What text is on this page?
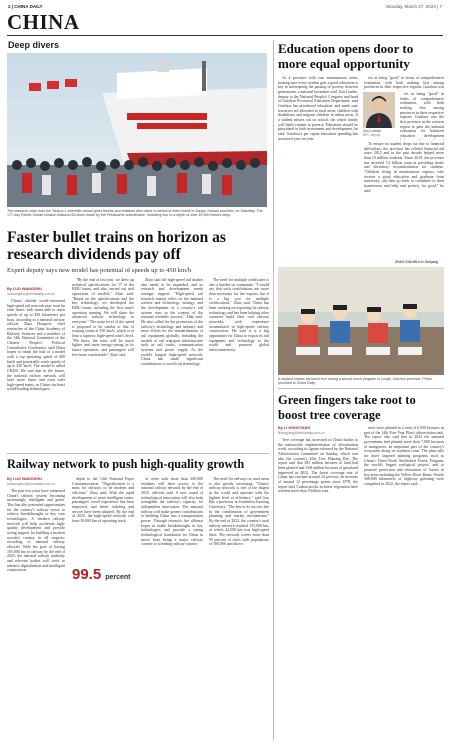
2 | CHINA DAILY	Monday, March 27, 2023 | 7
CHINA
Deep divers
The research crew from the Tansuo-1 scientific vessel greet friends and relatives who came to welcome them home in Sanya, Hainan province, on Saturday. The 177-day Pacific Ocean mission featured 63 dives made by the Fendouzhe submersible, including four to a depth of over 10,000 meters deep.
Faster bullet trains on horizon as research dividends pay off
Expert deputy says new model has potential of speeds up to 450 km/h
By LUO WANGSHU
luowangshu@chinadaily.com.cn

China's already world-renowned high-speed rail network may soon be even faster, with trains able to reach speeds of up to 450 kilometers per hour, according to a national railway official. Zhao Hongwei, chief researcher of the China Academy of Railway Sciences and a member of the 14th National Committee of the Chinese People's Political Consultative Conference, said China hopes to finish the trial of a model with a top operating speed of 400 km/h and potentially reach speeds of up to 450 km/h. The model is called CR450. He said that in the future, the national railway network will have more faster and even safer high-speed trains, as China can boast world-leading technologies.

"By the end of last year, we drew up technical specifications for 17 of the EMU trains, and also carried out trial operations of models," Zhao said. "Based on the specifications and the key technology, we developed the EMU trains, including the first train's operation running. We will share the advanced railway technology to everyone." The noise level of the speed is proposed to be similar to that of existing trains at 350 km/h, which is at least a superior high-speed train's level. "We know the train will be much lighter and more energy-saving in its future operation, and passengers will feel more comfortable," Zhao said.

Zhao said the high-speed rail market also needs to be expanded, and its research and development needs stronger support. "High-speed rail research mainly relies on the national science and technology strategy, and the development of a country's rail system rises in the context of the national scientific process." Zhao said. He also called for the promotion of the railway's technology and industry and more efforts for the standardization of rail equipment globally, including the models of rail transport infrastructure such as rail tracks, communication systems and power supply. As the world's longest high-speed network, China has made significant contributions to world rail technology.

The need for multiple certificates is also a burden on companies. "I would say that such certifications are more than necessary for the exports, but it is a big cost for multiple certifications," Zhao said. China has been working on exporting its railway technology and has been helping other countries build their own railway networks, with experience accumulated in high-speed railway construction. He said it is a big opportunity for China to export its rail equipment and technology to the world and promote global interconnectivity.

Railway network to push high-quality growth
By LUO WANGSHU
luowangshu@chinadaily.com.cn

The past few years have witnessed China's railway system becoming increasingly intelligent and green. This has also presented opportunities for the country's railway sector to achieve breakthroughs in key core technologies. A modern railway network will help accelerate high-quality development and provide strong support for building a modern socialist country in all respects, according to national railway officials. With the goal of having 165,000 km of railway by the end of 2025, the national railway authority and relevant bodies will work to advance digitalization and intelligent construction.

depth to the 14th National Paper Commemoration. "Digitalization is a must for railways to be modern and efficient," Zhao said. With the rapid development of more intelligent trains, passengers' travel experience has been improved, and better ticketing and service have been adopted. By the end of 2025, the high-speed network will have 50,000 km of operating track.

99.5 percent

of cities with more than 200,000 residents will have access to the national railway network by the end of 2025, officials said. A new round of technological innovation will also help strengthen the railway's capacity for independent innovation. The national railway will make greater contributions to building China into a transportation power. Through research, the alliance hopes to make breakthroughs in key technologies and provide a strong technological foundation for China to move from being a major railway country to a leading railway country.

The need for railways in rural areas is also greatly increasing. "China's railway network is one of the largest in the world and operates with the highest level of efficiency," said Gao Bai, a professor at Southwest Jiaotong University. "The key to its success lies in the combination of government planning and market mechanisms." By the end of 2022, the country's total railway network reached 155,000 km, of which 42,000 km was high-speed lines. The network covers more than 95 percent of cities with populations of 500,000 and above.

Education opens door to more equal opportunity

As a province with vast mountainous areas, making sure every student gets a good education is key to interrupting the passing of poverty between generations, a national lawmaker said. Zou Lianbo, deputy to the National People's Congress and head of Guizhou Provincial Education Department, said Guizhou has prioritized education, and made sure resources are allocated to rural areas, children with disabilities and migrant children in urban areas. If a student misses out on school, the whole family will likely remain in poverty. Education should be prioritized in both investment and development, he said. Guizhou's per capita education spending has increased year-on-year.

Zou Lianbo
NPC deputy

ers as being "good" in terms of comprehensive evaluation, with both making first among provinces in their respective regions. Guizhou was

ers as being "good" in terms of comprehensive evaluation, with both making first among provinces in their respective regions. Guizhou was the first province in the western region to pass the national evaluation for balanced education development

To ensure no student drops out due to financial difficulties, the province has offered financial aid since 2012 and in the past decade helped more than 10 million students. Since 2019, the province has invested 5.4 billion yuan in providing meals and dormitory accommodation for students. "Children living in mountainous regions, who receive a good education and graduate from university, can then go back to contribute to their hometowns and help end poverty for good," he said.

ZHAO XIAOHUI in Guiyang
A student shares his lunch box during a school lunch program in Longli, Guizhou province. Photo provided to China Daily
Green fingers take root to boost tree coverage
By LI HONGYANG
lihongyang@chinadaily.com.cn

Tree coverage has increased in China thanks to the nationwide implementation of afforestation work, according to figures released by the National Afforestation Committee on Sunday, which was also the country's 45th Tree Planting Day. The report said that 383 million hectares of land had been planted and 3.68 million hectares of grassland improved in 2022. The forest coverage rate of China has reached around 24 percent, an increase of around 12 percentage points since 1978, the report said. Carbon stocks in forest vegetation have reached more than 9 billion tons.

trees were planted in a total of 6,500 hectares as part of the 14th Five-Year Plan's afforestation task. The report also said that in 2022 the national government had planted more than 7,000 hectares of mangroves, an important part of the country's ecosystem along its southern coast. The plan calls for more targeted planting programs such as China's Three-North Shelterbelt Forest Program, the world's largest ecological project, and to promote protection and restoration of forests in key areas including the Yellow River Basin. Nearly 300,000 kilometers of highway greening were completed in 2022, the report said.
